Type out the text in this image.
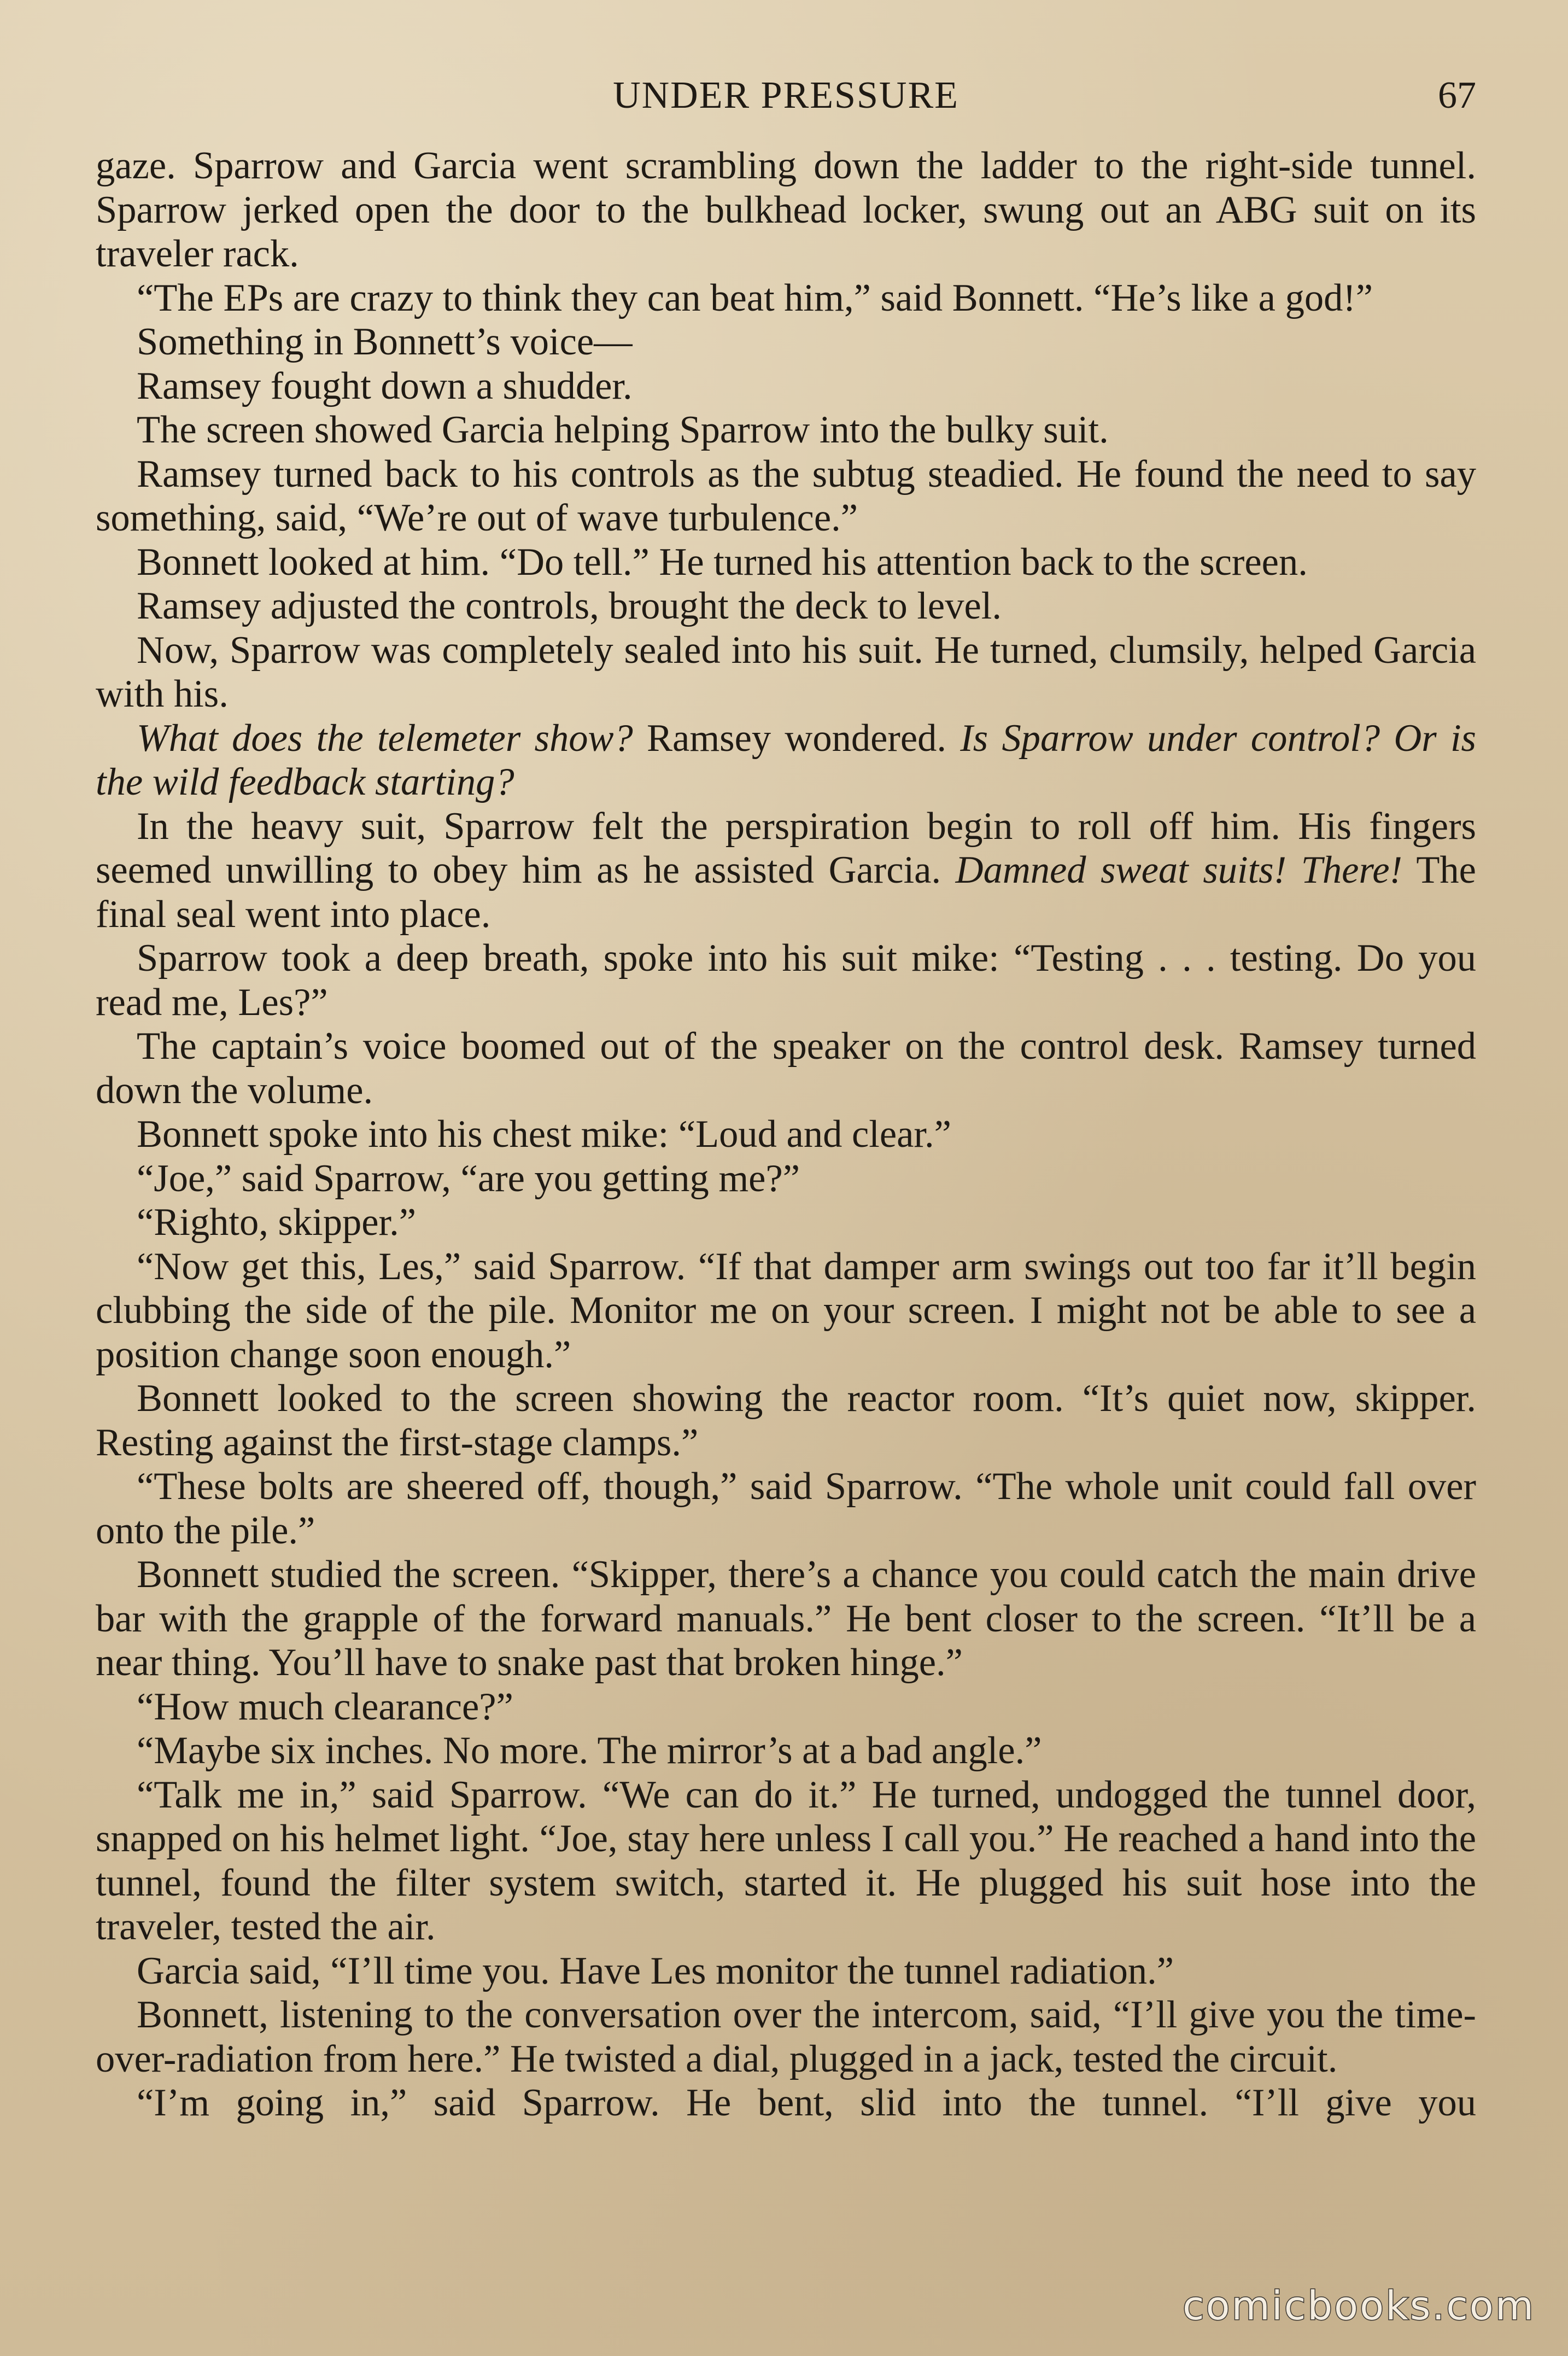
UNDER PRESSURE	67

gaze. Sparrow and Garcia went scrambling down the ladder to the right-side tunnel. Sparrow jerked open the door to the bulkhead locker, swung out an ABG suit on its traveler rack.

“The EPs are crazy to think they can beat him,” said Bonnett. “He’s like a god!”

Something in Bonnett’s voice—

Ramsey fought down a shudder.

The screen showed Garcia helping Sparrow into the bulky suit.

Ramsey turned back to his controls as the subtug steadied. He found the need to say something, said, “We’re out of wave turbulence.”

Bonnett looked at him. “Do tell.” He turned his attention back to the screen.

Ramsey adjusted the controls, brought the deck to level.

Now, Sparrow was completely sealed into his suit. He turned, clumsily, helped Garcia with his.

What does the telemeter show? Ramsey wondered. Is Sparrow under control? Or is the wild feedback starting?

In the heavy suit, Sparrow felt the perspiration begin to roll off him. His fingers seemed unwilling to obey him as he assisted Garcia. Damned sweat suits! There! The final seal went into place.

Sparrow took a deep breath, spoke into his suit mike: “Testing . . . testing. Do you read me, Les?”

The captain’s voice boomed out of the speaker on the control desk. Ramsey turned down the volume.

Bonnett spoke into his chest mike: “Loud and clear.”

“Joe,” said Sparrow, “are you getting me?”

“Righto, skipper.”

“Now get this, Les,” said Sparrow. “If that damper arm swings out too far it’ll begin clubbing the side of the pile. Monitor me on your screen. I might not be able to see a position change soon enough.”

Bonnett looked to the screen showing the reactor room. “It’s quiet now, skipper. Resting against the first-stage clamps.”

“These bolts are sheered off, though,” said Sparrow. “The whole unit could fall over onto the pile.”

Bonnett studied the screen. “Skipper, there’s a chance you could catch the main drive bar with the grapple of the forward manuals.” He bent closer to the screen. “It’ll be a near thing. You’ll have to snake past that broken hinge.”

“How much clearance?”

“Maybe six inches. No more. The mirror’s at a bad angle.”

“Talk me in,” said Sparrow. “We can do it.” He turned, undogged the tunnel door, snapped on his helmet light. “Joe, stay here unless I call you.” He reached a hand into the tunnel, found the filter system switch, started it. He plugged his suit hose into the traveler, tested the air.

Garcia said, “I’ll time you. Have Les monitor the tunnel radiation.”

Bonnett, listening to the conversation over the intercom, said, “I’ll give you the time-over-radiation from here.” He twisted a dial, plugged in a jack, tested the circuit.

“I’m going in,” said Sparrow. He bent, slid into the tunnel. “I’ll give you

comicbooks.com
